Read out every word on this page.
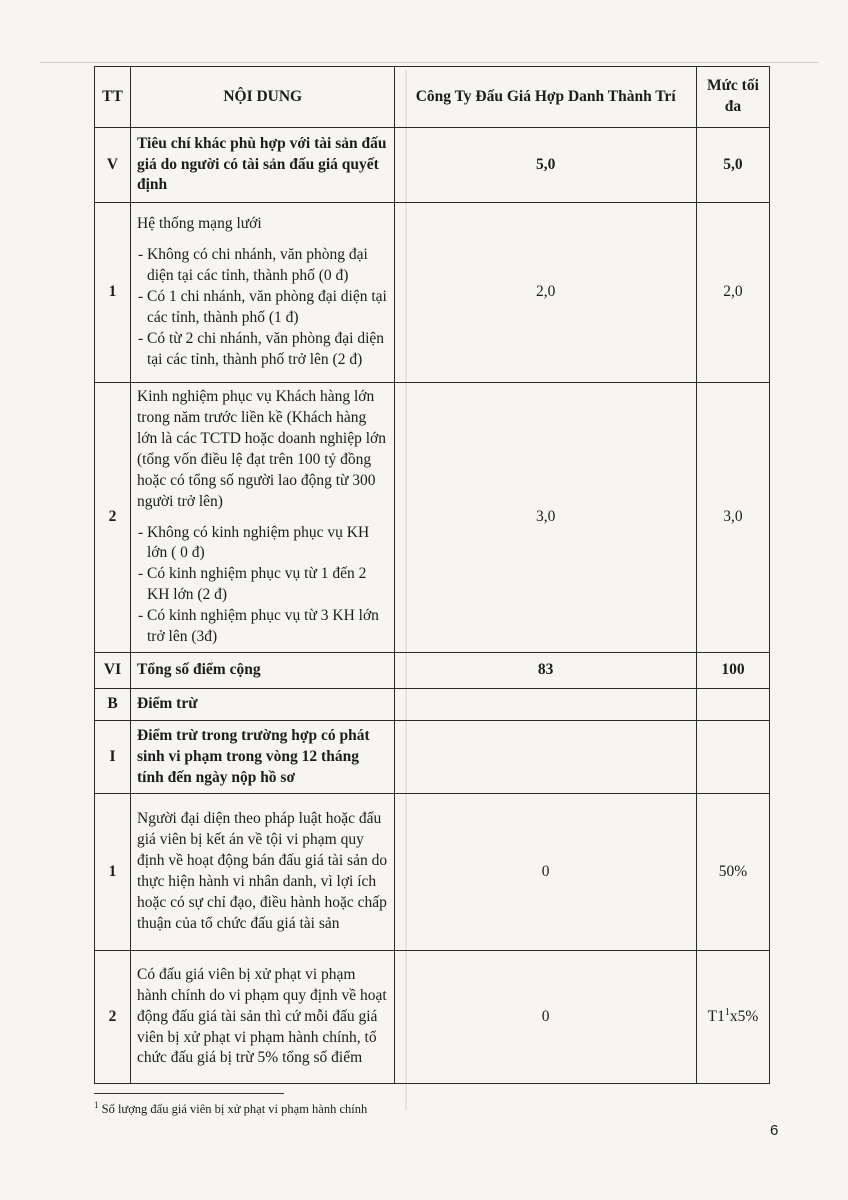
TT	NỘI DUNG	Công Ty Đấu Giá Hợp Danh Thành Trí	Mức tối đa
V	Tiêu chí khác phù hợp với tài sản đấu giá do người có tài sản đấu giá quyết định	5,0	5,0
1	Hệ thống mạng lưới

- Không có chi nhánh, văn phòng đại diện tại các tỉnh, thành phố (0 đ)

- Có 1 chi nhánh, văn phòng đại diện tại các tỉnh, thành phố (1 đ)

- Có từ 2 chi nhánh, văn phòng đại diện tại các tỉnh, thành phố trở lên (2 đ)	2,0	2,0
2	Kinh nghiệm phục vụ Khách hàng lớn trong năm trước liền kề (Khách hàng lớn là các TCTD hoặc doanh nghiệp lớn (tổng vốn điều lệ đạt trên 100 tỷ đồng hoặc có tổng số người lao động từ 300 người trở lên)

- Không có kinh nghiệm phục vụ KH lớn ( 0 đ)

- Có kinh nghiệm phục vụ từ 1 đến 2 KH lớn (2 đ)

- Có kinh nghiệm phục vụ từ 3 KH lớn trở lên (3đ)	3,0	3,0
VI	Tổng số điểm cộng	83	100
B	Điểm trừ		
I	Điểm trừ trong trường hợp có phát sinh vi phạm trong vòng 12 tháng tính đến ngày nộp hồ sơ		
1	Người đại diện theo pháp luật hoặc đấu giá viên bị kết án về tội vi phạm quy định về hoạt động bán đấu giá tài sản do thực hiện hành vi nhân danh, vì lợi ích hoặc có sự chỉ đạo, điều hành hoặc chấp thuận của tổ chức đấu giá tài sản	0	50%
2	Có đấu giá viên bị xử phạt vi phạm hành chính do vi phạm quy định về hoạt động đấu giá tài sản thì cứ mỗi đấu giá viên bị xử phạt vi phạm hành chính, tổ chức đấu giá bị trừ 5% tổng số điểm	0	$T1^1x5\%$
$^1$ Số lượng đấu giá viên bị xử phạt vi phạm hành chính
6
